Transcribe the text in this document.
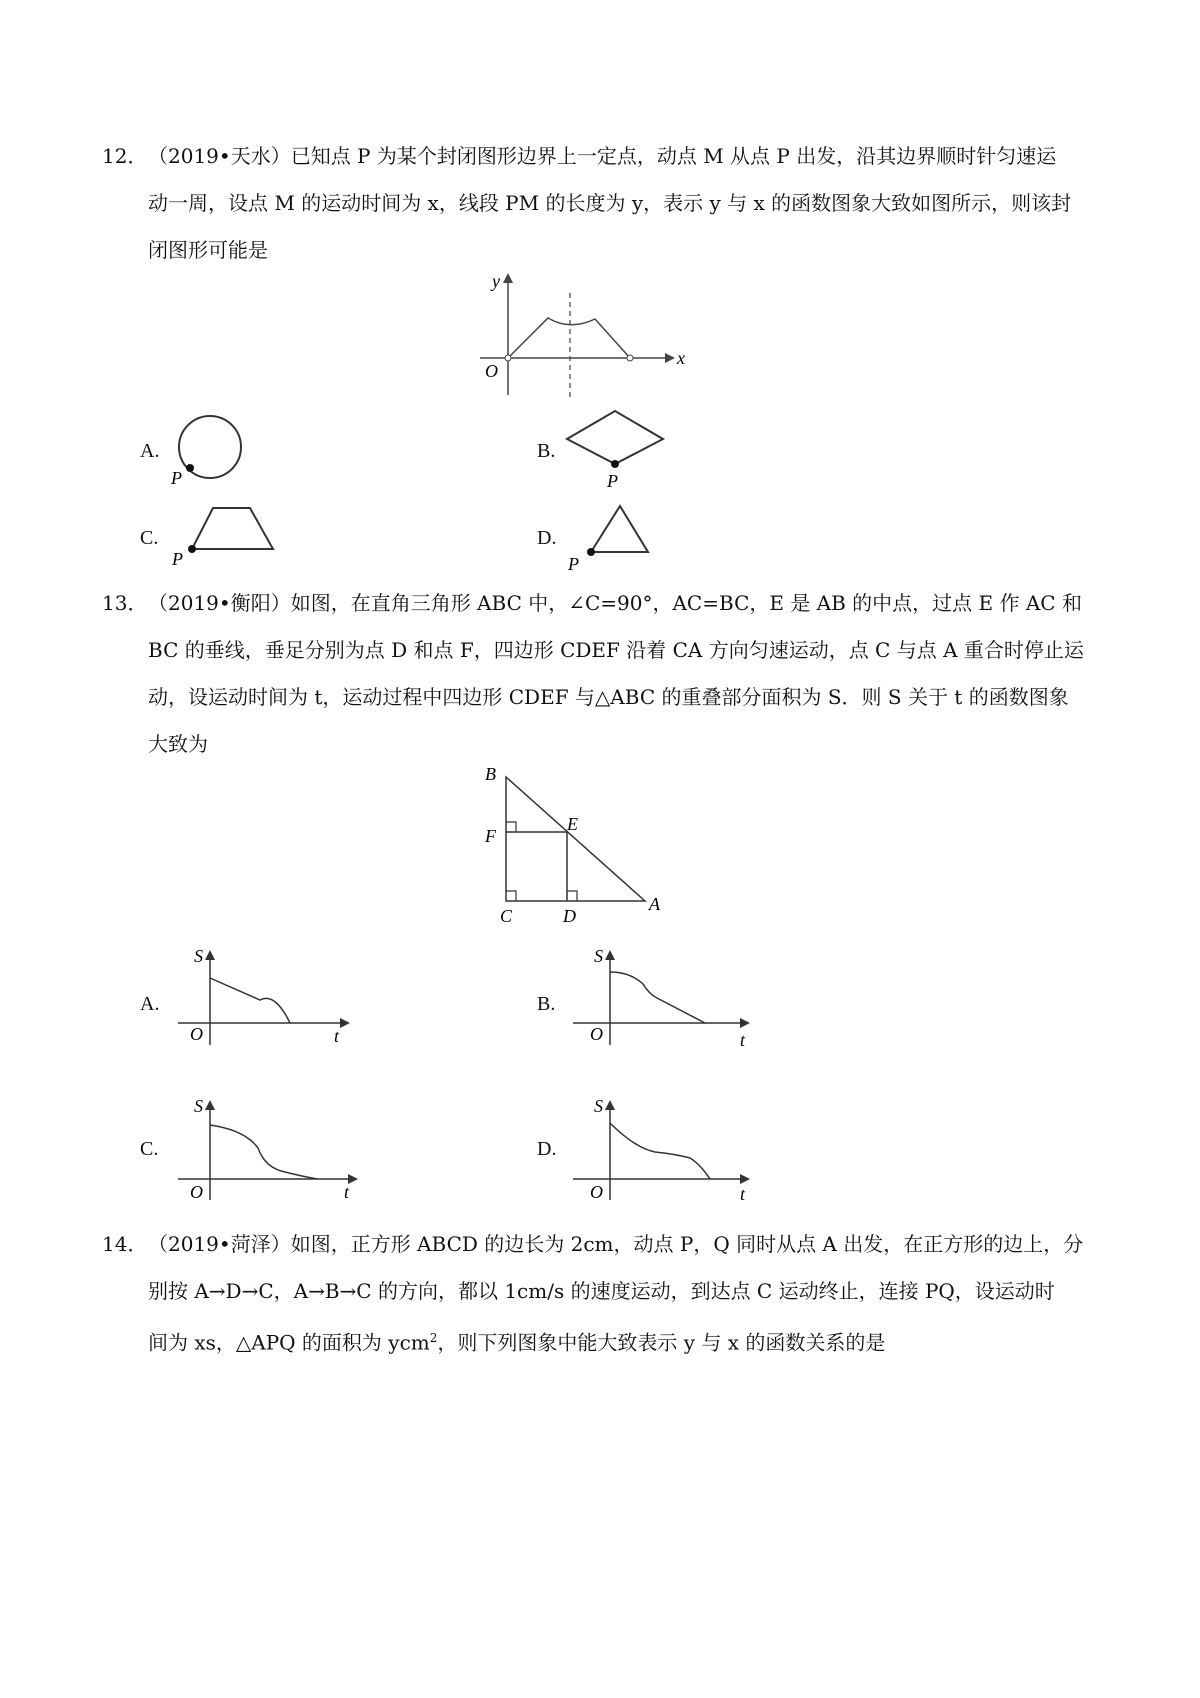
12． （2019•天水）已知点 P 为某个封闭图形边界上一定点，动点 M 从点 P 出发，沿其边界顺时针匀速运

动一周，设点 M 的运动时间为 x，线段 PM 的长度为 y，表示 y 与 x 的函数图象大致如图所示，则该封

闭图形可能是

y
x
O
A.
P
B.
P
C.
P
D.
P
13． （2019•衡阳）如图，在直角三角形 ABC 中，∠C=90°，AC=BC，E 是 AB 的中点，过点 E 作 AC 和

BC 的垂线，垂足分别为点 D 和点 F，四边形 CDEF 沿着 CA 方向匀速运动，点 C 与点 A 重合时停止运

动，设运动时间为 t，运动过程中四边形 CDEF 与△ABC 的重叠部分面积为 S．则 S 关于 t 的函数图象

大致为

B
E
F
C	D
A
A.
S
t
O
B.
S
t
O
C.
S
t
O
D.
S
t
O
14． （2019•菏泽）如图，正方形 ABCD 的边长为 2cm，动点 P，Q 同时从点 A 出发，在正方形的边上，分

别按 A→D→C，A→B→C 的方向，都以 1cm/s 的速度运动，到达点 C 运动终止，连接 PQ，设运动时

间为 xs，△APQ 的面积为 ycm$^2$，则下列图象中能大致表示 y 与 x 的函数关系的是
